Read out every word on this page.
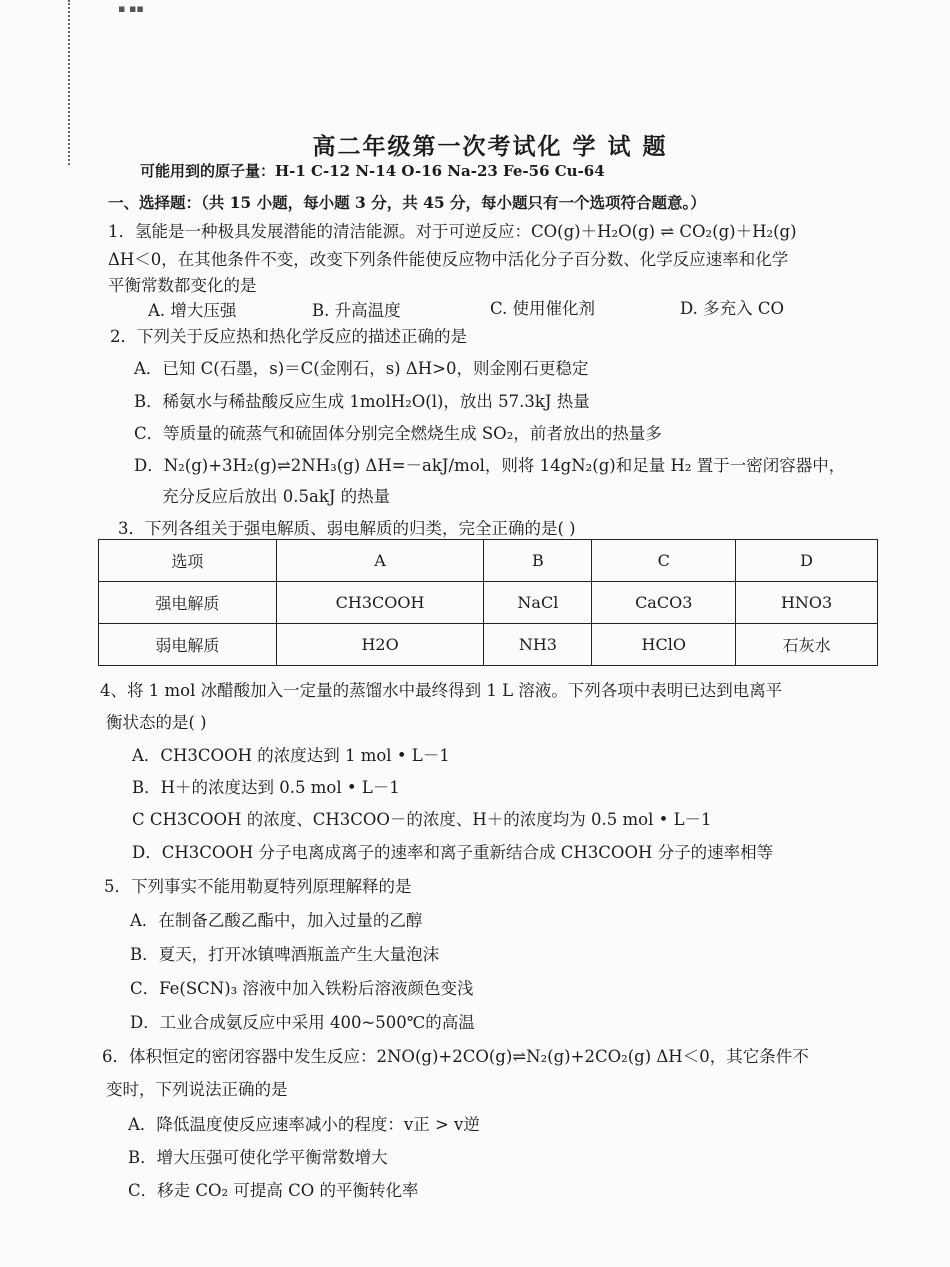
▪ ▪▪
高二年级第一次考试化 学 试 题
可能用到的原子量：H-1 C-12 N-14 O-16 Na-23 Fe-56 Cu-64
一、选择题：（共 15 小题，每小题 3 分，共 45 分，每小题只有一个选项符合题意。）
1．氢能是一种极具发展潜能的清洁能源。对于可逆反应：CO(g)＋H₂O(g) ⇌ CO₂(g)＋H₂(g)
ΔH＜0，在其他条件不变，改变下列条件能使反应物中活化分子百分数、化学反应速率和化学
平衡常数都变化的是
A. 增大压强	B. 升高温度	C. 使用催化剂	D. 多充入 CO
2．下列关于反应热和热化学反应的描述正确的是
A．已知 C(石墨，s)＝C(金刚石，s) ΔH>0，则金刚石更稳定
B．稀氨水与稀盐酸反应生成 1molH₂O(l)，放出 57.3kJ 热量
C．等质量的硫蒸气和硫固体分别完全燃烧生成 SO₂，前者放出的热量多
D．N₂(g)+3H₂(g)⇌2NH₃(g) ΔH=－akJ/mol，则将 14gN₂(g)和足量 H₂ 置于一密闭容器中，
充分反应后放出 0.5akJ 的热量
3．下列各组关于强电解质、弱电解质的归类，完全正确的是( )
选项	A	B	C	D
强电解质	CH3COOH	NaCl	CaCO3	HNO3
弱电解质	H2O	NH3	HClO	石灰水
4、将 1 mol 冰醋酸加入一定量的蒸馏水中最终得到 1 L 溶液。下列各项中表明已达到电离平
衡状态的是( )
A．CH3COOH 的浓度达到 1 mol • L－1
B．H＋的浓度达到 0.5 mol • L－1
C CH3COOH 的浓度、CH3COO－的浓度、H＋的浓度均为 0.5 mol • L－1
D．CH3COOH 分子电离成离子的速率和离子重新结合成 CH3COOH 分子的速率相等
5．下列事实不能用勒夏特列原理解释的是
A．在制备乙酸乙酯中，加入过量的乙醇
B．夏天，打开冰镇啤酒瓶盖产生大量泡沫
C．Fe(SCN)₃ 溶液中加入铁粉后溶液颜色变浅
D．工业合成氨反应中采用 400~500℃的高温
6．体积恒定的密闭容器中发生反应：2NO(g)+2CO(g)⇌N₂(g)+2CO₂(g) ΔH＜0，其它条件不
变时，下列说法正确的是
A．降低温度使反应速率减小的程度：v正 > v逆
B．增大压强可使化学平衡常数增大
C．移走 CO₂ 可提高 CO 的平衡转化率
